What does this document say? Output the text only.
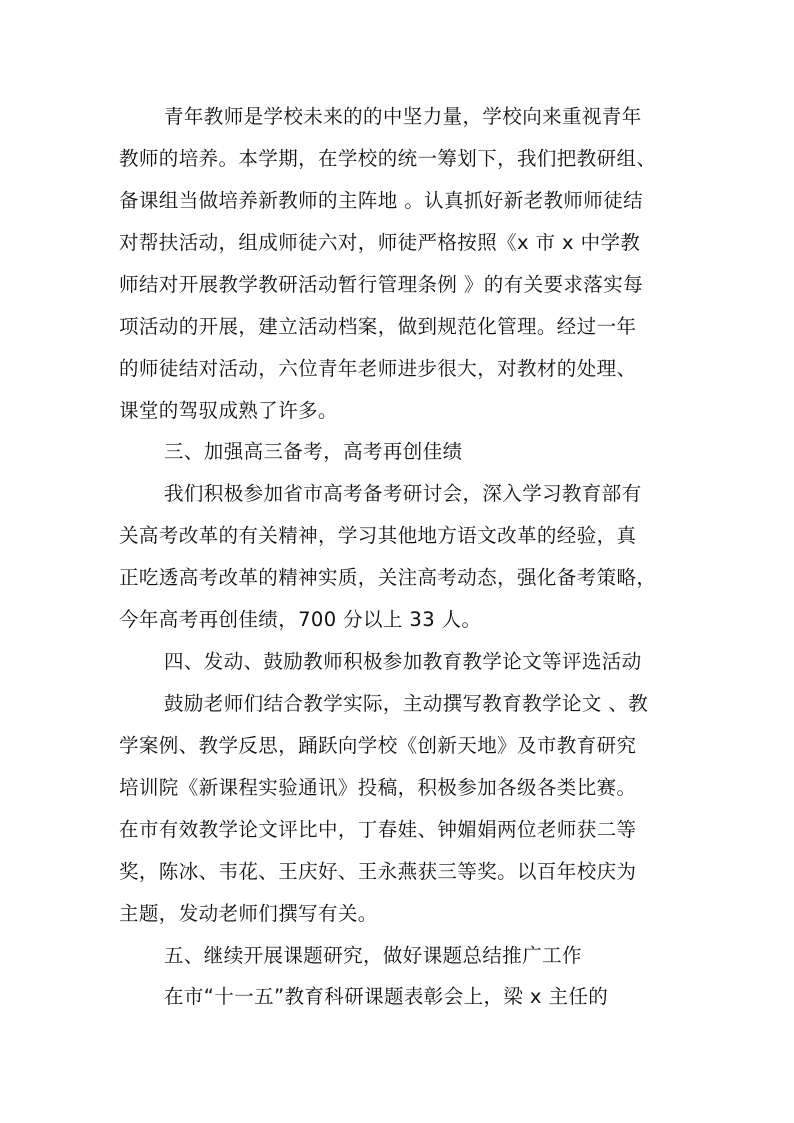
青年教师是学校未来的的中坚力量，学校向来重视青年
教师的培养。本学期，在学校的统一筹划下，我们把教研组、
备课组当做培养新教师的主阵地 。认真抓好新老教师师徒结
对帮扶活动，组成师徒六对，师徒严格按照《x 市 x 中学教
师结对开展教学教研活动暂行管理条例 》的有关要求落实每
项活动的开展，建立活动档案，做到规范化管理。经过一年
的师徒结对活动，六位青年老师进步很大，对教材的处理、
课堂的驾驭成熟了许多。
三、加强高三备考，高考再创佳绩
我们积极参加省市高考备考研讨会，深入学习教育部有
关高考改革的有关精神，学习其他地方语文改革的经验，真
正吃透高考改革的精神实质，关注高考动态，强化备考策略，
今年高考再创佳绩，700 分以上 33 人。
四、发动、鼓励教师积极参加教育教学论文等评选活动
鼓励老师们结合教学实际，主动撰写教育教学论文 、教
学案例、教学反思，踊跃向学校《创新天地》及市教育研究
培训院《新课程实验通讯》投稿，积极参加各级各类比赛。
在市有效教学论文评比中，丁春娃、钟媚娟两位老师获二等
奖，陈冰、韦花、王庆好、王永燕获三等奖。以百年校庆为
主题，发动老师们撰写有关。
五、继续开展课题研究，做好课题总结推广工作
在市“十一五”教育科研课题表彰会上，梁 x 主任的
